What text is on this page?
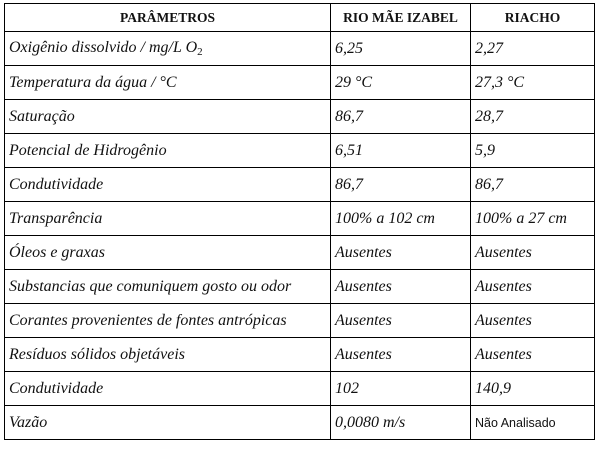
PARÂMETROS	RIO MÃE IZABEL	RIACHO
Oxigênio dissolvido / mg/L $O_2$	6,25	2,27
Temperatura da água / °C	29 °C	27,3 °C
Saturação	86,7	28,7
Potencial de Hidrogênio	6,51	5,9
Condutividade	86,7	86,7
Transparência	100% a 102 cm	100% a 27 cm
Óleos e graxas	Ausentes	Ausentes
Substancias que comuniquem gosto ou odor	Ausentes	Ausentes
Corantes provenientes de fontes antrópicas	Ausentes	Ausentes
Resíduos sólidos objetáveis	Ausentes	Ausentes
Condutividade	102	140,9
Vazão	0,0080 m/s	Não Analisado
